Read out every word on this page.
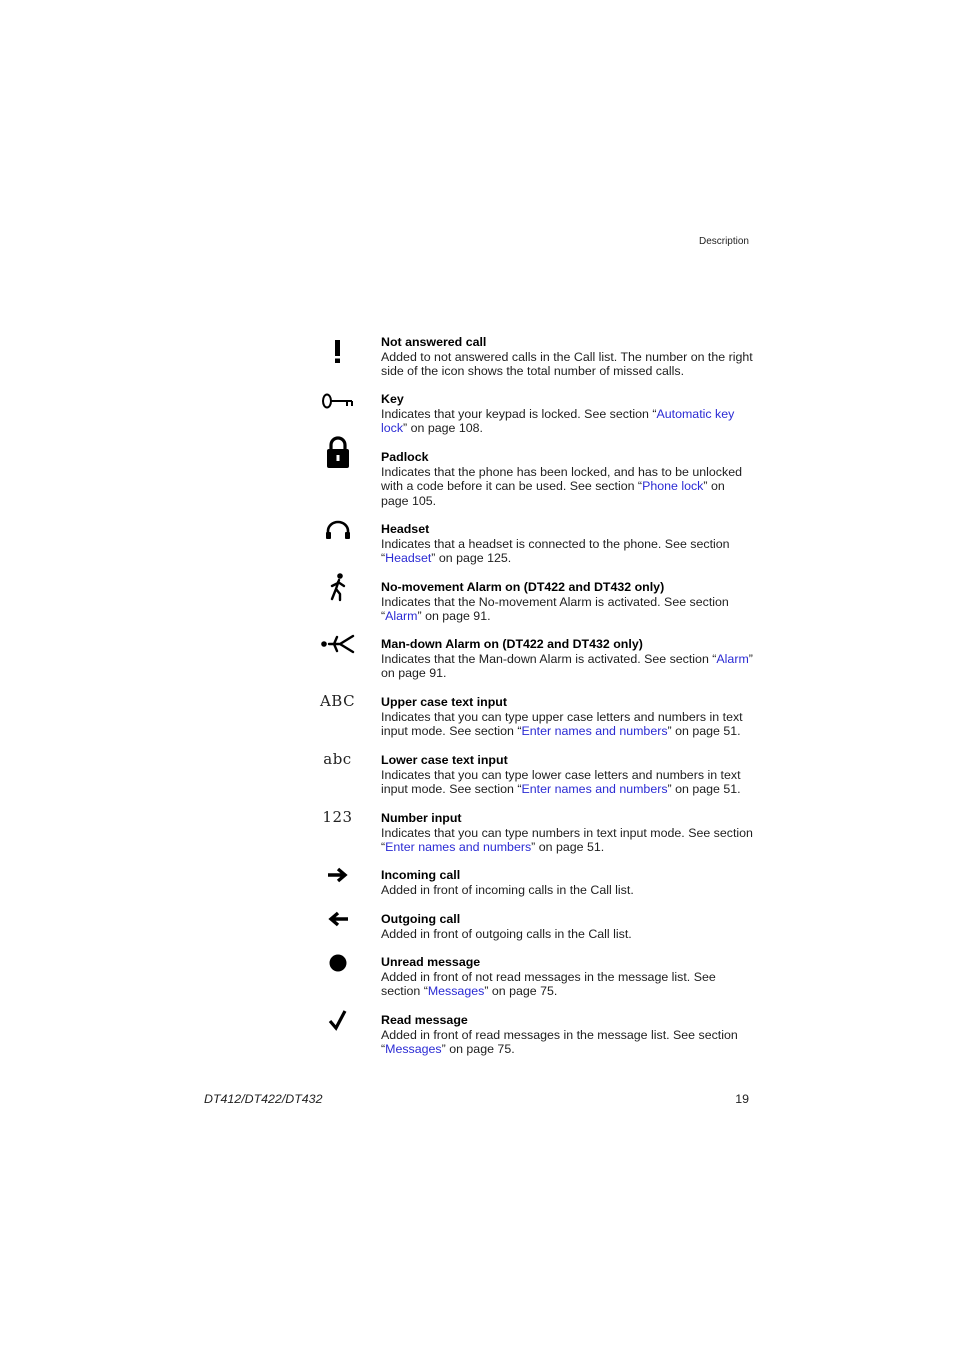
Description
Not answered call
Added to not answered calls in the Call list. The number on the right side of the icon shows the total number of missed calls.
Key
Indicates that your keypad is locked. See section “Automatic key lock” on page 108.
Padlock
Indicates that the phone has been locked, and has to be unlocked with a code before it can be used. See section “Phone lock” on page 105.
Headset
Indicates that a headset is connected to the phone. See section “Headset” on page 125.
No-movement Alarm on (DT422 and DT432 only)
Indicates that the No-movement Alarm is activated. See section “Alarm” on page 91.
Man-down Alarm on (DT422 and DT432 only)
Indicates that the Man-down Alarm is activated. See section “Alarm” on page 91.
ABC	Upper case text input
Indicates that you can type upper case letters and numbers in text input mode. See section “Enter names and numbers” on page 51.
abc	Lower case text input
Indicates that you can type lower case letters and numbers in text input mode. See section “Enter names and numbers” on page 51.
123	Number input
Indicates that you can type numbers in text input mode. See section “Enter names and numbers” on page 51.
Incoming call
Added in front of incoming calls in the Call list.
Outgoing call
Added in front of outgoing calls in the Call list.
Unread message
Added in front of not read messages in the message list. See section “Messages” on page 75.
Read message
Added in front of read messages in the message list. See section “Messages” on page 75.
DT412/DT422/DT432	19
